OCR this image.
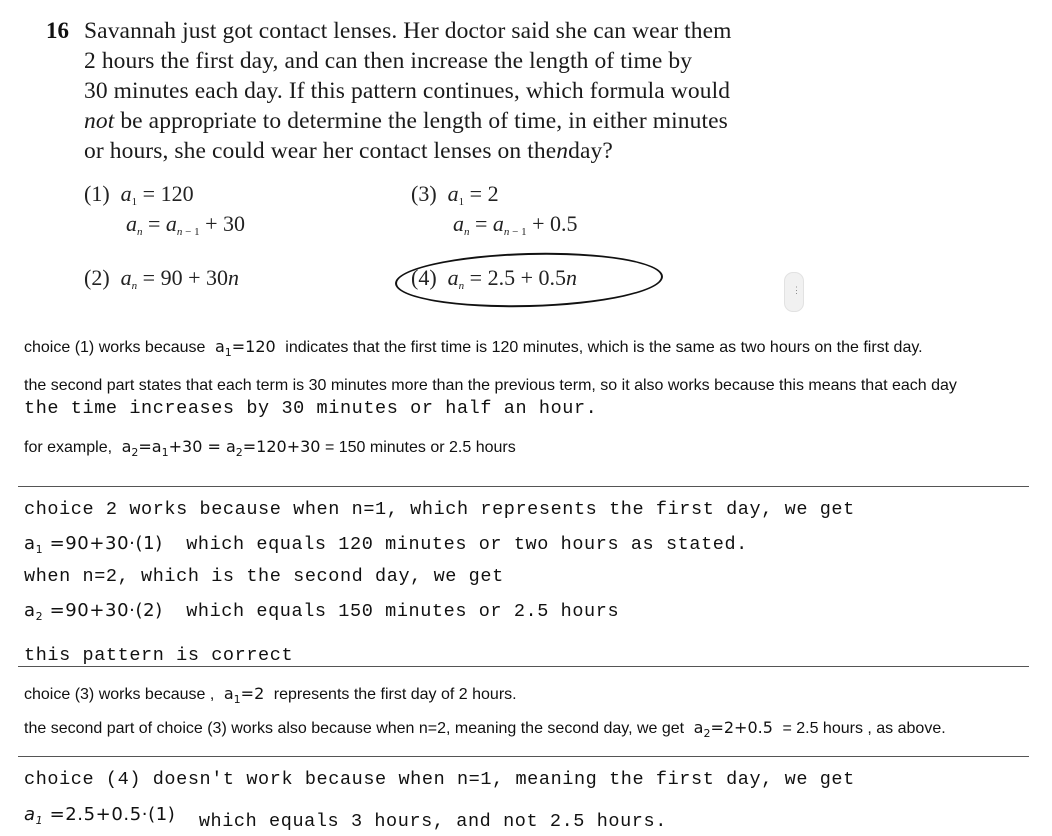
16 Savannah just got contact lenses. Her doctor said she can wear them
2 hours the first day, and can then increase the length of time by
30 minutes each day. If this pattern continues, which formula would
not be appropriate to determine the length of time, in either minutes
or hours, she could wear her contact lenses on thenday?
(1) $a_1 = 120$
$a_n = a_{n - 1} + 30$
(3) $a_1 = 2$
$a_n = a_{n - 1} + 0.5$
(2) $a_n = 90 + 30n$	(4) $a_n = 2.5 + 0.5n$	⋮
choice (1) works because  $a_1=120$ indicates that the first time is 120 minutes, which is the same as two hours on the first day.
the second part states that each term is 30 minutes more than the previous term, so it also works because this means that each day
the time increases by 30 minutes or half an hour.
for example,  $a_2=a_1+30 = a_2=120+30 = 150$ minutes or 2.5 hours
choice 2 works because when n=1, which represents the first day, we get
$a_1 =90+30\cdot(1)$ which equals 120 minutes or two hours as stated.
when n=2, which is the second day, we get
$a_2 =90+30\cdot(2)$ which equals 150 minutes or 2.5 hours
this pattern is correct
choice (3) works because ,  $a_1=2$ represents the first day of 2 hours.
the second part of choice (3) works also because when n=2, meaning the second day, we get  $a_2=2+0.5 = 2.5$ hours , as above.
choice (4) doesn't work because when n=1, meaning the first day, we get
$a_1 =2.5+0.5\cdot(1)$ which equals 3 hours, and not 2.5 hours.
